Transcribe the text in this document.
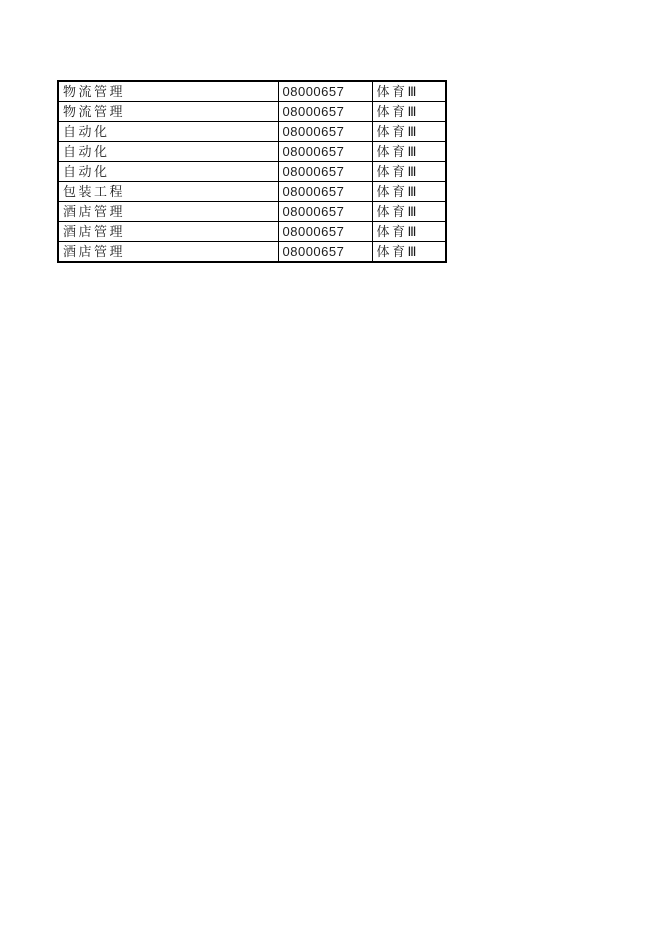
物流管理	08000657	体育Ⅲ
物流管理	08000657	体育Ⅲ
自动化	08000657	体育Ⅲ
自动化	08000657	体育Ⅲ
自动化	08000657	体育Ⅲ
包装工程	08000657	体育Ⅲ
酒店管理	08000657	体育Ⅲ
酒店管理	08000657	体育Ⅲ
酒店管理	08000657	体育Ⅲ
